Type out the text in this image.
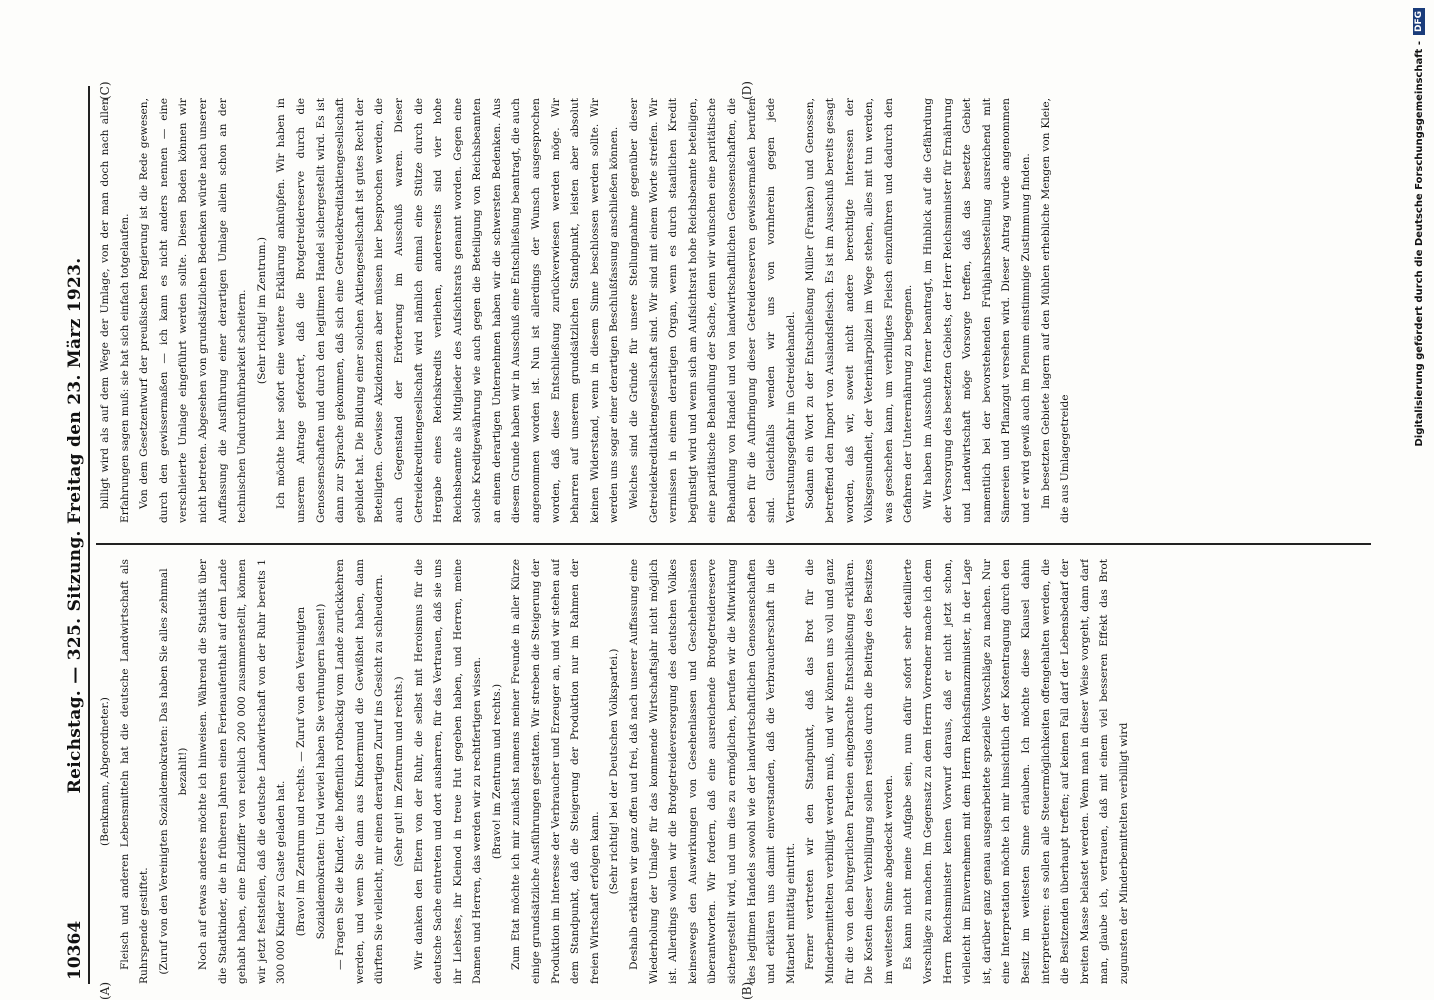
10364
Reichstag. — 325. Sitzung. Freitag den 23. März 1923. (Benkmann, Abgeordneter.) Fleisch und anderen Lebensmitteln hat die deutsche Landwirtschaft als Ruhrspende gestiftet. (Zuruf von den Vereinigten Sozialdemokraten: Das haben Sie alles zehnmal bezahlt!) Noch auf etwas anderes möchte ich hinweisen. Während die Statistik über die Stadtkinder, die in früheren Jahren einen Ferienaufenthalt auf dem Lande gehabt haben, eine Endziffer von reichlich 200 000 zusammenstellt, können wir jetzt feststellen, daß die deutsche Landwirtschaft von der Ruhr bereits 1 300 000 Kinder zu Gaste geladen hat. (Bravo! im Zentrum und rechts. — Zuruf von den Vereinigten Sozialdemokraten: Und wieviel haben Sie verhungern lassen!) — Fragen Sie die Kinder, die hoffentlich rotbackig vom Lande zurückkehren werden, und wenn Sie dann aus Kindermund die Gewißheit haben, dann dürften Sie vielleicht, mir einen derartigen Zuruf ins Gesicht zu schleudern. (Sehr gut! im Zentrum und rechts.) Wir danken den Eltern von der Ruhr, die selbst mit Heroismus für die deutsche Sache eintreten und dort ausharren, für das Vertrauen, daß sie uns ihr Liebstes, ihr Kleinod in treue Hut gegeben haben, und Herren, meine Damen und Herren, das werden wir zu rechtfertigen wissen. (Bravo! im Zentrum und rechts.) Zum Etat möchte ich mir zunächst namens meiner Freunde in aller Kürze einige grundsätzliche Ausführungen gestatten. Wir streben die Steigerung der Produktion im Interesse der Verbraucher und Erzeuger an, und wir stehen auf dem Standpunkt, daß die Steigerung der Produktion nur im Rahmen der freien Wirtschaft erfolgen kann.

(Sehr richtig! bei der Deutschen Volkspartei.) Deshalb erklären wir ganz offen und frei, daß nach unserer Auffassung eine Wiederholung der Umlage für das kommende Wirtschaftsjahr nicht möglich ist. Allerdings wollen wir die Brotgetreideversorgung des deutschen Volkes keineswegs den Auswirkungen von Gesehenlassen und Geschehenlassen überantworten. Wir fordern, daß eine ausreichende Brotgetreidereserve sichergestellt wird, und um dies zu ermöglichen, berufen wir die Mitwirkung des legitimen Handels sowohl wie der landwirtschaftlichen Genossenschaften und erklären uns damit einverstanden, daß die Verbraucherschaft in die Mitarbeit mittätig eintritt. Ferner vertreten wir den Standpunkt, daß das Brot für die Minderbemittelten verbilligt werden muß, und wir können uns voll und ganz für die von den bürgerlichen Parteien eingebrachte Entschließung erklären. Die Kosten dieser Verbilligung sollen restlos durch die Beiträge des Besitzes im weitesten Sinne abgedeckt werden. Es kann nicht meine Aufgabe sein, nun dafür sofort sehr detaillierte Vorschläge zu machen. Im Gegensatz zu dem Herrn Vorredner mache ich dem Herrn Reichsminister keinen Vorwurf daraus, daß er nicht jetzt schon, vielleicht im Einvernehmen mit dem Herrn Reichsfinanzminister, in der Lage ist, darüber ganz genau ausgearbeitete spezielle Vorschläge zu machen. Nur eine Interpretation möchte ich mir hinsichtlich der Kostentragung durch den Besitz im weitesten Sinne erlauben. Ich möchte diese Klausel dahin interpretieren: es sollen alle Steuermöglichkeiten offengehalten werden, die die Besitzenden überhaupt treffen; auf keinen Fall darf der Lebensbedarf der breiten Masse belastet werden. Wenn man in dieser Weise vorgeht, dann darf man, glaube ich, vertrauen, daß mit einem viel besseren Effekt das Brot zugunsten der Minderbemittelten verbilligt wird

billigt wird als auf dem Wege der Umlage, von der man doch nach allen Erfahrungen sagen muß: sie hat sich einfach totgelaufen. Von dem Gesetzentwurf der preußischen Regierung ist die Rede gewesen, durch den gewissermaßen — ich kann es nicht anders nennen — eine verschleierte Umlage eingeführt werden sollte. Diesen Boden können wir nicht betreten. Abgesehen von grundsätzlichen Bedenken würde nach unserer Auffassung die Ausführung einer derartigen Umlage allein schon an der technischen Undurchführbarkeit scheitern. (Sehr richtig! im Zentrum.) Ich möchte hier sofort eine weitere Erklärung anknüpfen. Wir haben in unserem Antrage gefordert, daß die Brotgetreidereserve durch die Genossenschaften und durch den legitimen Handel sichergestellt wird. Es ist dann zur Sprache gekommen, daß sich eine Getreidekreditaktiengesellschaft gebildet hat. Die Bildung einer solchen Aktiengesellschaft ist gutes Recht der Beteiligten. Gewisse Akzidenzien aber müssen hier besprochen werden, die auch Gegenstand der Erörterung im Ausschuß waren. Dieser Getreidekreditiengesellschaft wird nämlich einmal eine Stütze durch die Hergabe eines Reichskredits verliehen, andererseits sind vier hohe Reichsbeamte als Mitglieder des Aufsichtsrats genannt worden. Gegen eine solche Kreditgewährung wie auch gegen die Beteiligung von Reichsbeamten an einem derartigen Unternehmen haben wir die schwersten Bedenken. Aus diesem Grunde haben wir in Ausschuß eine Entschließung beantragt, die auch angenommen worden ist. Nun ist allerdings der Wunsch ausgesprochen worden, daß diese Entschließung zurückverwiesen werden möge. Wir beharren auf unserem grundsätzlichen Standpunkt, leisten aber absolut keinen Widerstand, wenn in diesem Sinne beschlossen werden sollte. Wir werden uns sogar einer derartigen Beschlußfassung anschließen können. Welches sind die Gründe für unsere Stellungnahme gegenüber dieser Getreidekreditaktiengesellschaft sind. Wir sind mit einem Worte streifen. Wir vermissen in einem derartigen Organ, wenn es durch staatlichen Kredit begünstigt wird und wenn sich am Aufsichtsrat hohe Reichsbeamte beteiligen, eine paritätische Behandlung der Sache, denn wir wünschen eine paritätische Behandlung von Handel und von landwirtschaftlichen Genossenschaften, die eben für die Aufbringung dieser Getreidereserven gewissermaßen berufen sind. Gleichfalls wenden wir uns von vornherein gegen jede Vertrustungsgefahr im Getreidehandel. Sodann ein Wort zu der Entschließung Müller (Franken) und Genossen, betreffend den Import von Auslandsfleisch. Es ist im Ausschuß bereits gesagt worden, daß wir, soweit nicht andere berechtigte Interessen der Volksgesundheit, der Veterinärpolizei im Wege stehen, alles mit tun werden, was geschehen kann, um verbilligtes Fleisch einzuführen und dadurch den Gefahren der Unterernährung zu begegnen. Wir haben im Ausschuß ferner beantragt, im Hinblick auf die Gefährdung der Versorgung des besetzten Gebiets, der Herr Reichsminister für Ernährung und Landwirtschaft möge Vorsorge treffen, daß das besetzte Gebiet namentlich bei der bevorstehenden Frühjahrsbestellung ausreichend mit Sämereien und Pflanzgut versehen wird. Dieser Antrag wurde angenommen und er wird gewiß auch im Plenum einstimmige Zustimmung finden. Im besetzten Gebiete lagern auf den Mühlen erhebliche Mengen von Kleie, die aus Umlagegetreide

(A)	(B)
(C)	(D)	Digitalisierung gefördert durch die Deutsche Forschungsgemeinschaft -
DFG
